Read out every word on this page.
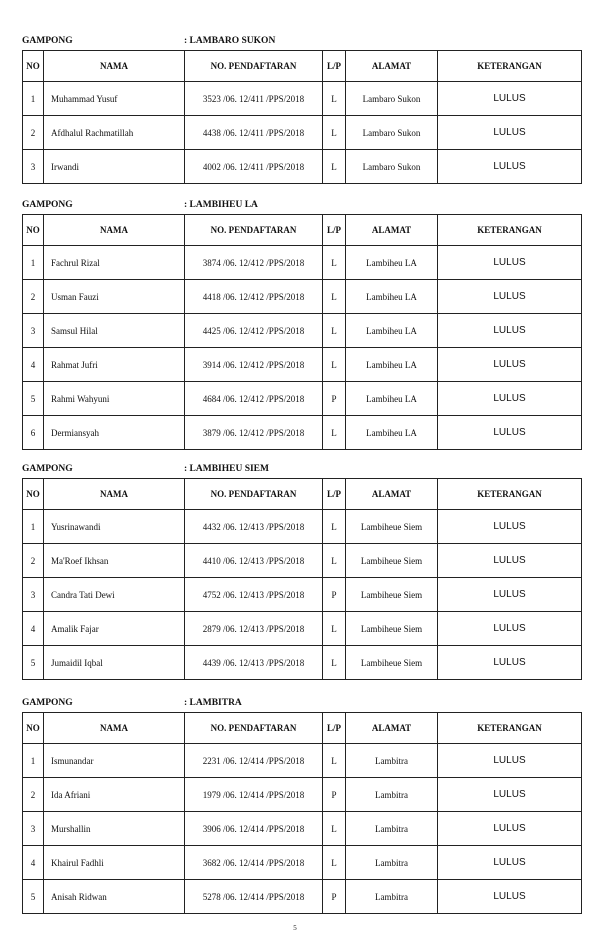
GAMPONG	: LAMBARO SUKON
NO	NAMA	NO. PENDAFTARAN	L/P	ALAMAT	KETERANGAN
1	Muhammad Yusuf	3523 /06. 12/411 /PPS/2018	L	Lambaro Sukon	LULUS
2	Afdhalul Rachmatillah	4438 /06. 12/411 /PPS/2018	L	Lambaro Sukon	LULUS
3	Irwandi	4002 /06. 12/411 /PPS/2018	L	Lambaro Sukon	LULUS
GAMPONG	: LAMBIHEU LA
NO	NAMA	NO. PENDAFTARAN	L/P	ALAMAT	KETERANGAN
1	Fachrul Rizal	3874 /06. 12/412 /PPS/2018	L	Lambiheu LA	LULUS
2	Usman Fauzi	4418 /06. 12/412 /PPS/2018	L	Lambiheu LA	LULUS
3	Samsul Hilal	4425 /06. 12/412 /PPS/2018	L	Lambiheu LA	LULUS
4	Rahmat Jufri	3914 /06. 12/412 /PPS/2018	L	Lambiheu LA	LULUS
5	Rahmi Wahyuni	4684 /06. 12/412 /PPS/2018	P	Lambiheu LA	LULUS
6	Dermiansyah	3879 /06. 12/412 /PPS/2018	L	Lambiheu LA	LULUS
GAMPONG	: LAMBIHEU SIEM
NO	NAMA	NO. PENDAFTARAN	L/P	ALAMAT	KETERANGAN
1	Yusrinawandi	4432 /06. 12/413 /PPS/2018	L	Lambiheue Siem	LULUS
2	Ma'Roef Ikhsan	4410 /06. 12/413 /PPS/2018	L	Lambiheue Siem	LULUS
3	Candra Tati Dewi	4752 /06. 12/413 /PPS/2018	P	Lambiheue Siem	LULUS
4	Amalik Fajar	2879 /06. 12/413 /PPS/2018	L	Lambiheue Siem	LULUS
5	Jumaidil Iqbal	4439 /06. 12/413 /PPS/2018	L	Lambiheue Siem	LULUS
GAMPONG	: LAMBITRA
NO	NAMA	NO. PENDAFTARAN	L/P	ALAMAT	KETERANGAN
1	Ismunandar	2231 /06. 12/414 /PPS/2018	L	Lambitra	LULUS
2	Ida Afriani	1979 /06. 12/414 /PPS/2018	P	Lambitra	LULUS
3	Murshallin	3906 /06. 12/414 /PPS/2018	L	Lambitra	LULUS
4	Khairul Fadhli	3682 /06. 12/414 /PPS/2018	L	Lambitra	LULUS
5	Anisah Ridwan	5278 /06. 12/414 /PPS/2018	P	Lambitra	LULUS
5
